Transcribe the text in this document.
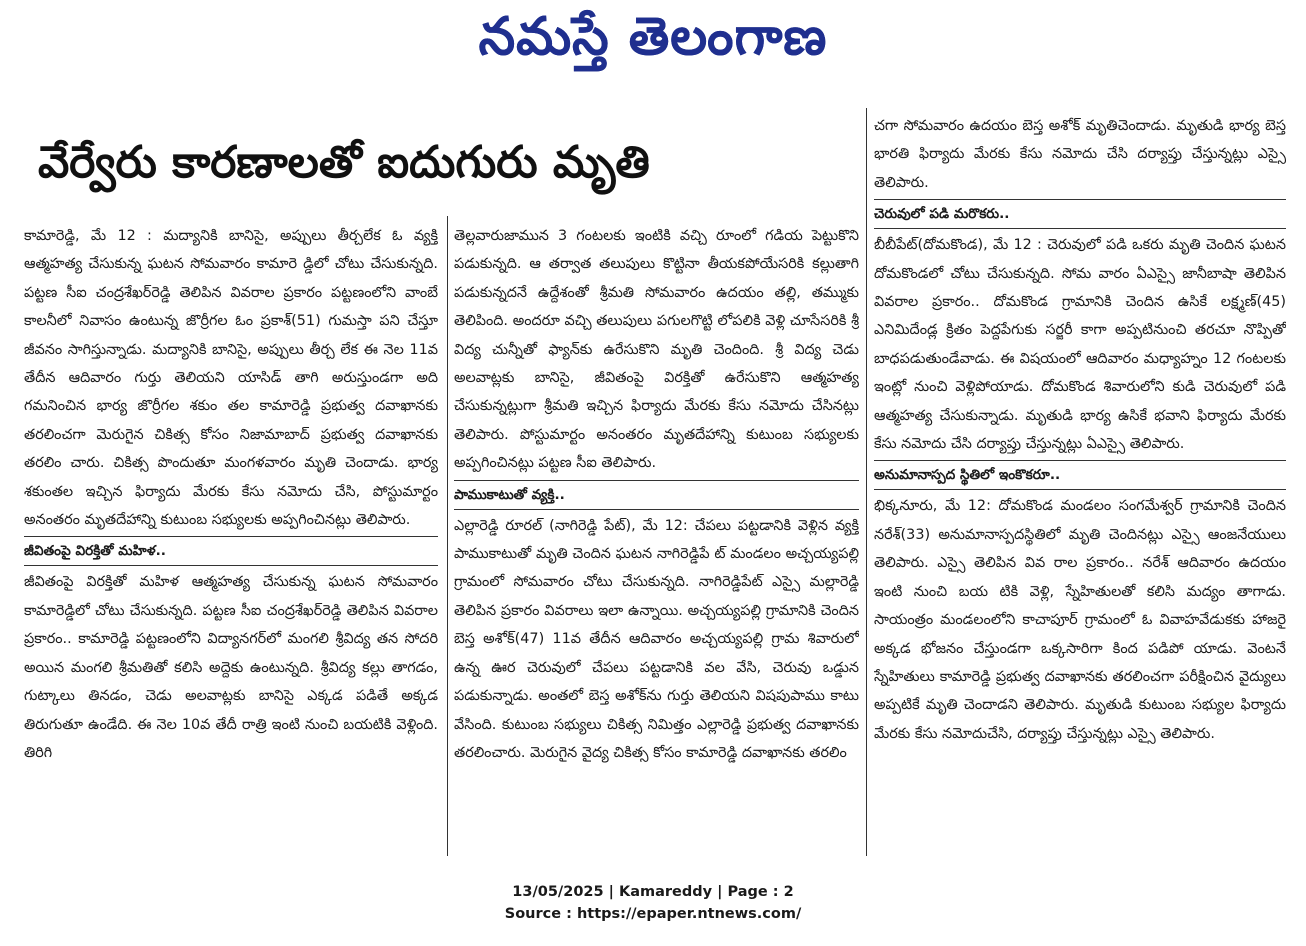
నమస్తే తెలంగాణ
వేర్వేరు కారణాలతో ఐదుగురు మృతి

కామారెడ్డి, మే 12 : మద్యానికి బానిసై, అప్పులు తీర్చలేక ఓ వ్యక్తి ఆత్మహత్య చేసుకున్న ఘటన సోమవారం కామారె డ్డిలో చోటు చేసుకున్నది. పట్టణ సీఐ చంద్రశేఖర్‌రెడ్డి తెలిపిన వివరాల ప్రకారం పట్టణంలోని వాంబే కాలనీలో నివాసం ఉంటున్న జొర్రీగల ఓం ప్రకాశ్‌(51) గుమస్తా పని చేస్తూ జీవనం సాగిస్తున్నాడు. మద్యానికి బానిసై, అప్పులు తీర్చ లేక ఈ నెల 11వ తేదీన ఆదివారం గుర్తు తెలియని యాసిడ్‌ తాగి అరుస్తుండగా అది గమనించిన భార్య జొర్రీగల శకుం తల కామారెడ్డి ప్రభుత్వ దవాఖానకు తరలించగా మెరుగైన చికిత్స కోసం నిజామాబాద్‌ ప్రభుత్వ దవాఖానకు తరలిం చారు. చికిత్స పొందుతూ మంగళవారం మృతి చెందాడు. భార్య శకుంతల ఇచ్చిన ఫిర్యాదు మేరకు కేసు నమోదు చేసి, పోస్టుమార్టం అనంతరం మృతదేహాన్ని కుటుంబ సభ్యులకు అప్పగించినట్లు తెలిపారు.

జీవితంపై విరక్తితో మహిళ..

జీవితంపై విరక్తితో మహిళ ఆత్మహత్య చేసుకున్న ఘటన సోమవారం కామారెడ్డిలో చోటు చేసుకున్నది. పట్టణ సీఐ చంద్రశేఖర్‌రెడ్డి తెలిపిన వివరాల ప్రకారం.. కామారెడ్డి పట్టణంలోని విద్యానగర్‌లో మంగలి శ్రీవిద్య తన సోదరి అయిన మంగలి శ్రీమతితో కలిసి అద్దెకు ఉంటున్నది. శ్రీవిద్య కల్లు తాగడం, గుట్కాలు తినడం, చెడు అలవాట్లకు బానిసై ఎక్కడ పడితే అక్కడ తిరుగుతూ ఉండేది. ఈ నెల 10వ తేదీ రాత్రి ఇంటి నుంచి బయటికి వెళ్లింది. తిరిగి

తెల్లవారుజామున 3 గంటలకు ఇంటికి వచ్చి రూంలో గడియ పెట్టుకొని పడుకున్నది. ఆ తర్వాత తలుపులు కొట్టినా తీయకపోయేసరికి కల్లుతాగి పడుకున్నదనే ఉద్దేశంతో శ్రీమతి సోమవారం ఉదయం తల్లి, తమ్ముకు తెలిపింది. అందరూ వచ్చి తలుపులు పగులగొట్టి లోపలికి వెళ్లి చూసేసరికి శ్రీ విద్య చున్నీతో ఫ్యాన్‌కు ఉరేసుకొని మృతి చెందింది. శ్రీ విద్య చెడు అలవాట్లకు బానిసై, జీవితంపై విరక్తితో ఉరేసుకొని ఆత్మహత్య చేసుకున్నట్లుగా శ్రీమతి ఇచ్చిన ఫిర్యాదు మేరకు కేసు నమోదు చేసినట్లు తెలిపారు. పోస్టుమార్టం అనంతరం మృతదేహాన్ని కుటుంబ సభ్యులకు అప్పగించినట్లు పట్టణ సీఐ తెలిపారు.

పాముకాటుతో వ్యక్తి..

ఎల్లారెడ్డి రూరల్‌ (నాగిరెడ్డి పేట్‌), మే 12: చేపలు పట్టడానికి వెళ్లిన వ్యక్తి పాముకాటుతో మృతి చెందిన ఘటన నాగిరెడ్డిపే ట్‌ మండలం అచ్చయ్యపల్లి గ్రామంలో సోమవారం చోటు చేసుకున్నది. నాగిరెడ్డిపేట్‌ ఎస్సై మల్లారెడ్డి తెలిపిన ప్రకారం వివరాలు ఇలా ఉన్నాయి. అచ్చయ్యపల్లి గ్రామానికి చెందిన బెస్త అశోక్‌(47) 11వ తేదీన ఆదివారం అచ్చయ్యపల్లి గ్రామ శివారులో ఉన్న ఊర చెరువులో చేపలు పట్టడానికి వల వేసి, చెరువు ఒడ్డున పడుకున్నాడు. అంతలో బెస్త అశోక్‌ను గుర్తు తెలియని విషపుపాము కాటు వేసింది. కుటుంబ సభ్యులు చికిత్స నిమిత్తం ఎల్లారెడ్డి ప్రభుత్వ దవాఖానకు తరలించారు. మెరుగైన వైద్య చికిత్స కోసం కామారెడ్డి దవాఖానకు తరలిం

చగా సోమవారం ఉదయం బెస్త అశోక్‌ మృతిచెందాడు. మృతుడి భార్య బెస్త భారతి ఫిర్యాదు మేరకు కేసు నమోదు చేసి దర్యాప్తు చేస్తున్నట్లు ఎస్సై తెలిపారు.

చెరువులో పడి మరొకరు..

బీబీపేట్‌(దోమకొండ), మే 12 : చెరువులో పడి ఒకరు మృతి చెందిన ఘటన దోమకొండలో చోటు చేసుకున్నది. సోమ వారం ఏఎస్సై జానీబాషా తెలిపిన వివరాల ప్రకారం.. దోమకొండ గ్రామానికి చెందిన ఉసికే లక్ష్మణ్‌(45) ఎనిమిదేండ్ల క్రితం పెద్దపేగుకు సర్జరీ కాగా అప్పటినుంచి తరచూ నొప్పితో బాధపడుతుండేవాడు. ఈ విషయంలో ఆదివారం మధ్యాహ్నం 12 గంటలకు ఇంట్లో నుంచి వెళ్లిపోయాడు. దోమకొండ శివారులోని కుడి చెరువులో పడి ఆత్మహత్య చేసుకున్నాడు. మృతుడి భార్య ఉసికే భవాని ఫిర్యాదు మేరకు కేసు నమోదు చేసి దర్యాప్తు చేస్తున్నట్లు ఏఎస్సై తెలిపారు.

అనుమానాస్పద స్థితిలో ఇంకొకరూ..

భిక్కనూరు, మే 12: దోమకొండ మండలం సంగమేశ్వర్‌ గ్రామానికి చెందిన నరేశ్‌(33) అనుమానాస్పదస్థితిలో మృతి చెందినట్లు ఎస్సై ఆంజనేయులు తెలిపారు. ఎస్సై తెలిపిన వివ రాల ప్రకారం.. నరేశ్‌ ఆదివారం ఉదయం ఇంటి నుంచి బయ టికి వెళ్లి, స్నేహితులతో కలిసి మద్యం తాగాడు. సాయంత్రం మండలంలోని కాచాపూర్‌ గ్రామంలో ఓ వివాహవేడుకకు హాజరై అక్కడ భోజనం చేస్తుండగా ఒక్కసారిగా కింద పడిపో యాడు. వెంటనే స్నేహితులు కామారెడ్డి ప్రభుత్వ దవాఖానకు తరలించగా పరీక్షించిన వైద్యులు అప్పటికే మృతి చెందాడని తెలిపారు. మృతుడి కుటుంబ సభ్యుల ఫిర్యాదు మేరకు కేసు నమోదుచేసి, దర్యాప్తు చేస్తున్నట్లు ఎస్సై తెలిపారు.

13/05/2025 | Kamareddy | Page : 2
Source : https://epaper.ntnews.com/
